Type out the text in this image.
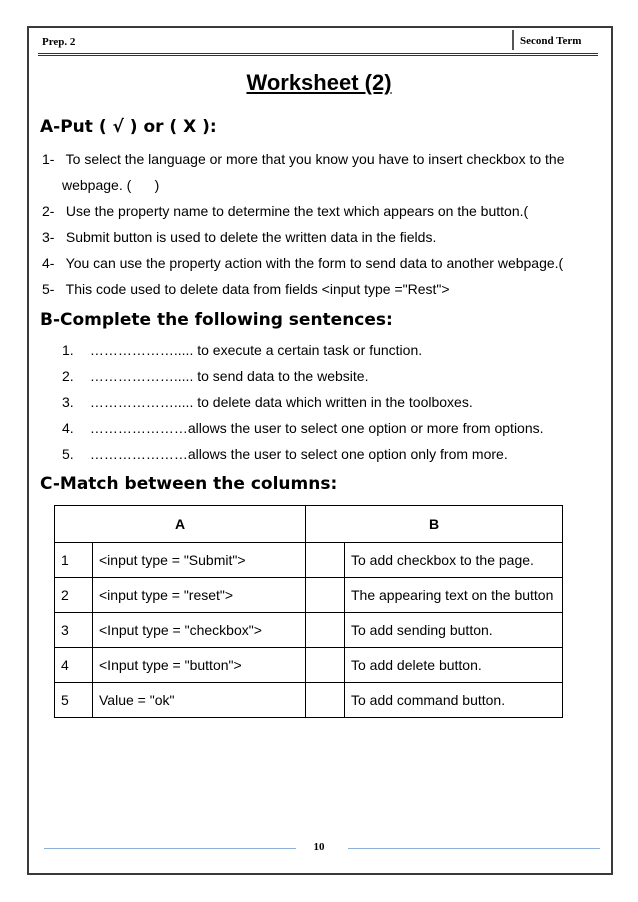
Prep. 2	Second Term
Worksheet (2)
A-Put ( √ ) or ( X ):
1- To select the language or more that you know you have to insert checkbox to the
webpage. (      )
2- Use the property name to determine the text which appears on the button.(
3- Submit button is used to delete the written data in the fields.
4- You can use the property action with the form to send data to another webpage.(
5- This code used to delete data from fields <input type ="Rest">
B-Complete the following sentences:
1. ………………..... to execute a certain task or function.
2. ………………..... to send data to the website.
3. ………………..... to delete data which written in the toolboxes.
4. …………………allows the user to select one option or more from options.
5. …………………allows the user to select one option only from more.
C-Match between the columns:
A		B	
1	<input type = "Submit">		To add checkbox to the page.
2	<input type = "reset">		The appearing text on the button
3	<Input type = "checkbox">		To add sending button.
4	<Input type = "button">		To add delete button.
5	Value = "ok"		To add command button.
10
